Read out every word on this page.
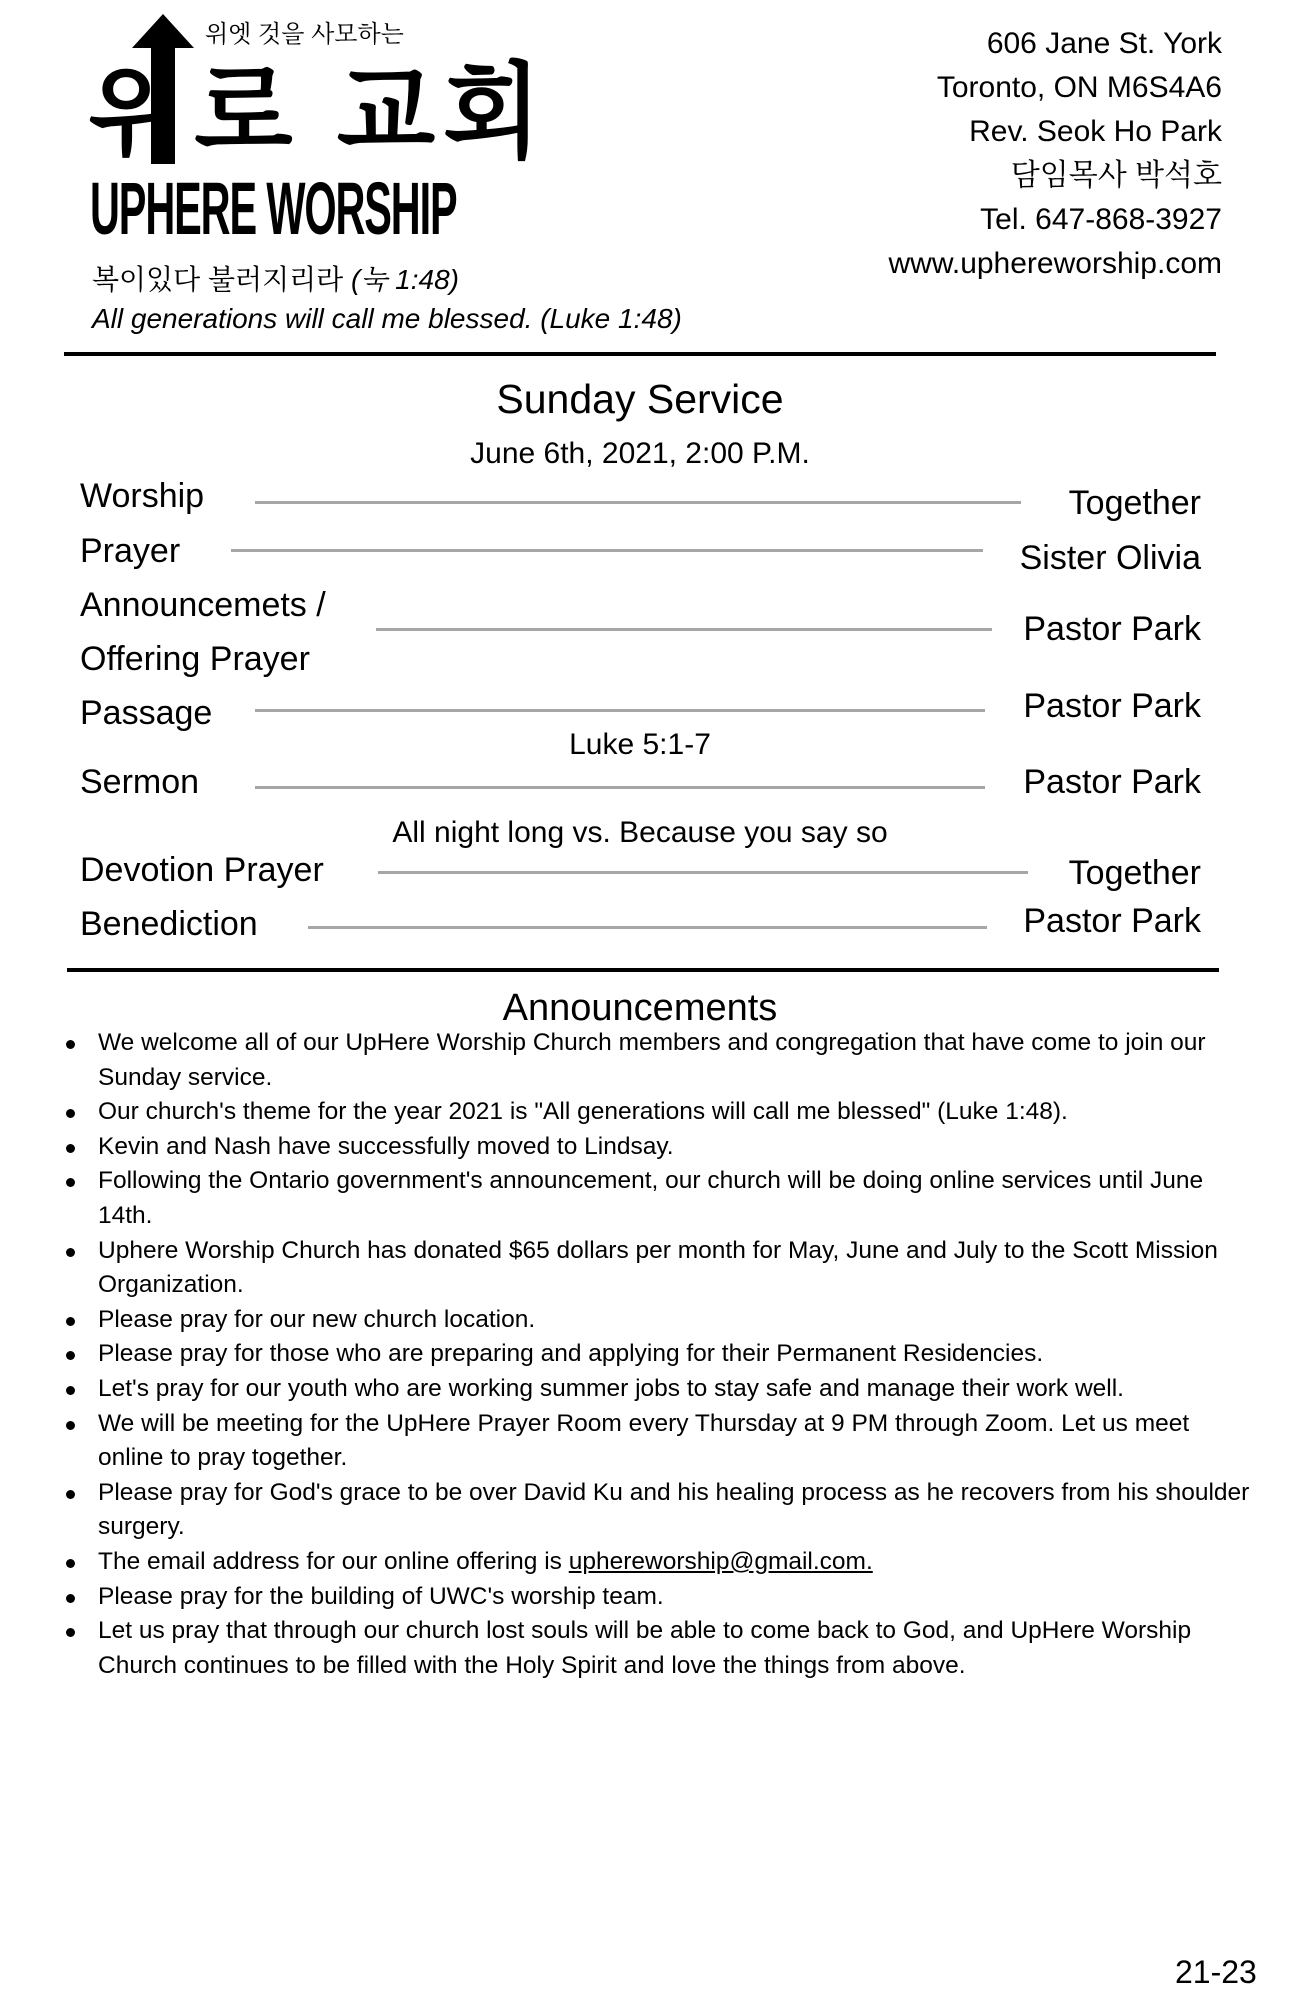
위엣 것을 사모하는
위로 교회
UPHERE WORSHIP
복이있다 불러지리라 (눅 1:48)
All generations will call me blessed. (Luke 1:48)
606 Jane St. York
Toronto, ON M6S4A6
Rev. Seok Ho Park
담임목사 박석호
Tel. 647-868-3927
www.uphereworship.com
Sunday Service
June 6th, 2021, 2:00 P.M.
Worship	Together
Prayer	Sister Olivia
Announcemets /
Offering Prayer
Pastor Park
Passage	Pastor Park
Luke 5:1-7
Sermon	Pastor Park
All night long vs. Because you say so
Devotion Prayer	Together
Benediction	Pastor Park
Announcements
We welcome all of our UpHere Worship Church members and congregation that have come to join our Sunday service.
Our church's theme for the year 2021 is "All generations will call me blessed" (Luke 1:48).
Kevin and Nash have successfully moved to Lindsay.
Following the Ontario government's announcement, our church will be doing online services until June 14th.
Uphere Worship Church has donated $65 dollars per month for May, June and July to the Scott Mission Organization.
Please pray for our new church location.
Please pray for those who are preparing and applying for their Permanent Residencies.
Let's pray for our youth who are working summer jobs to stay safe and manage their work well.
We will be meeting for the UpHere Prayer Room every Thursday at 9 PM through Zoom. Let us meet online to pray together.
Please pray for God's grace to be over David Ku and his healing process as he recovers from his shoulder surgery.
The email address for our online offering is uphereworship@gmail.com.
Please pray for the building of UWC's worship team.
Let us pray that through our church lost souls will be able to come back to God, and UpHere Worship Church continues to be filled with the Holy Spirit and love the things from above.
21-23
